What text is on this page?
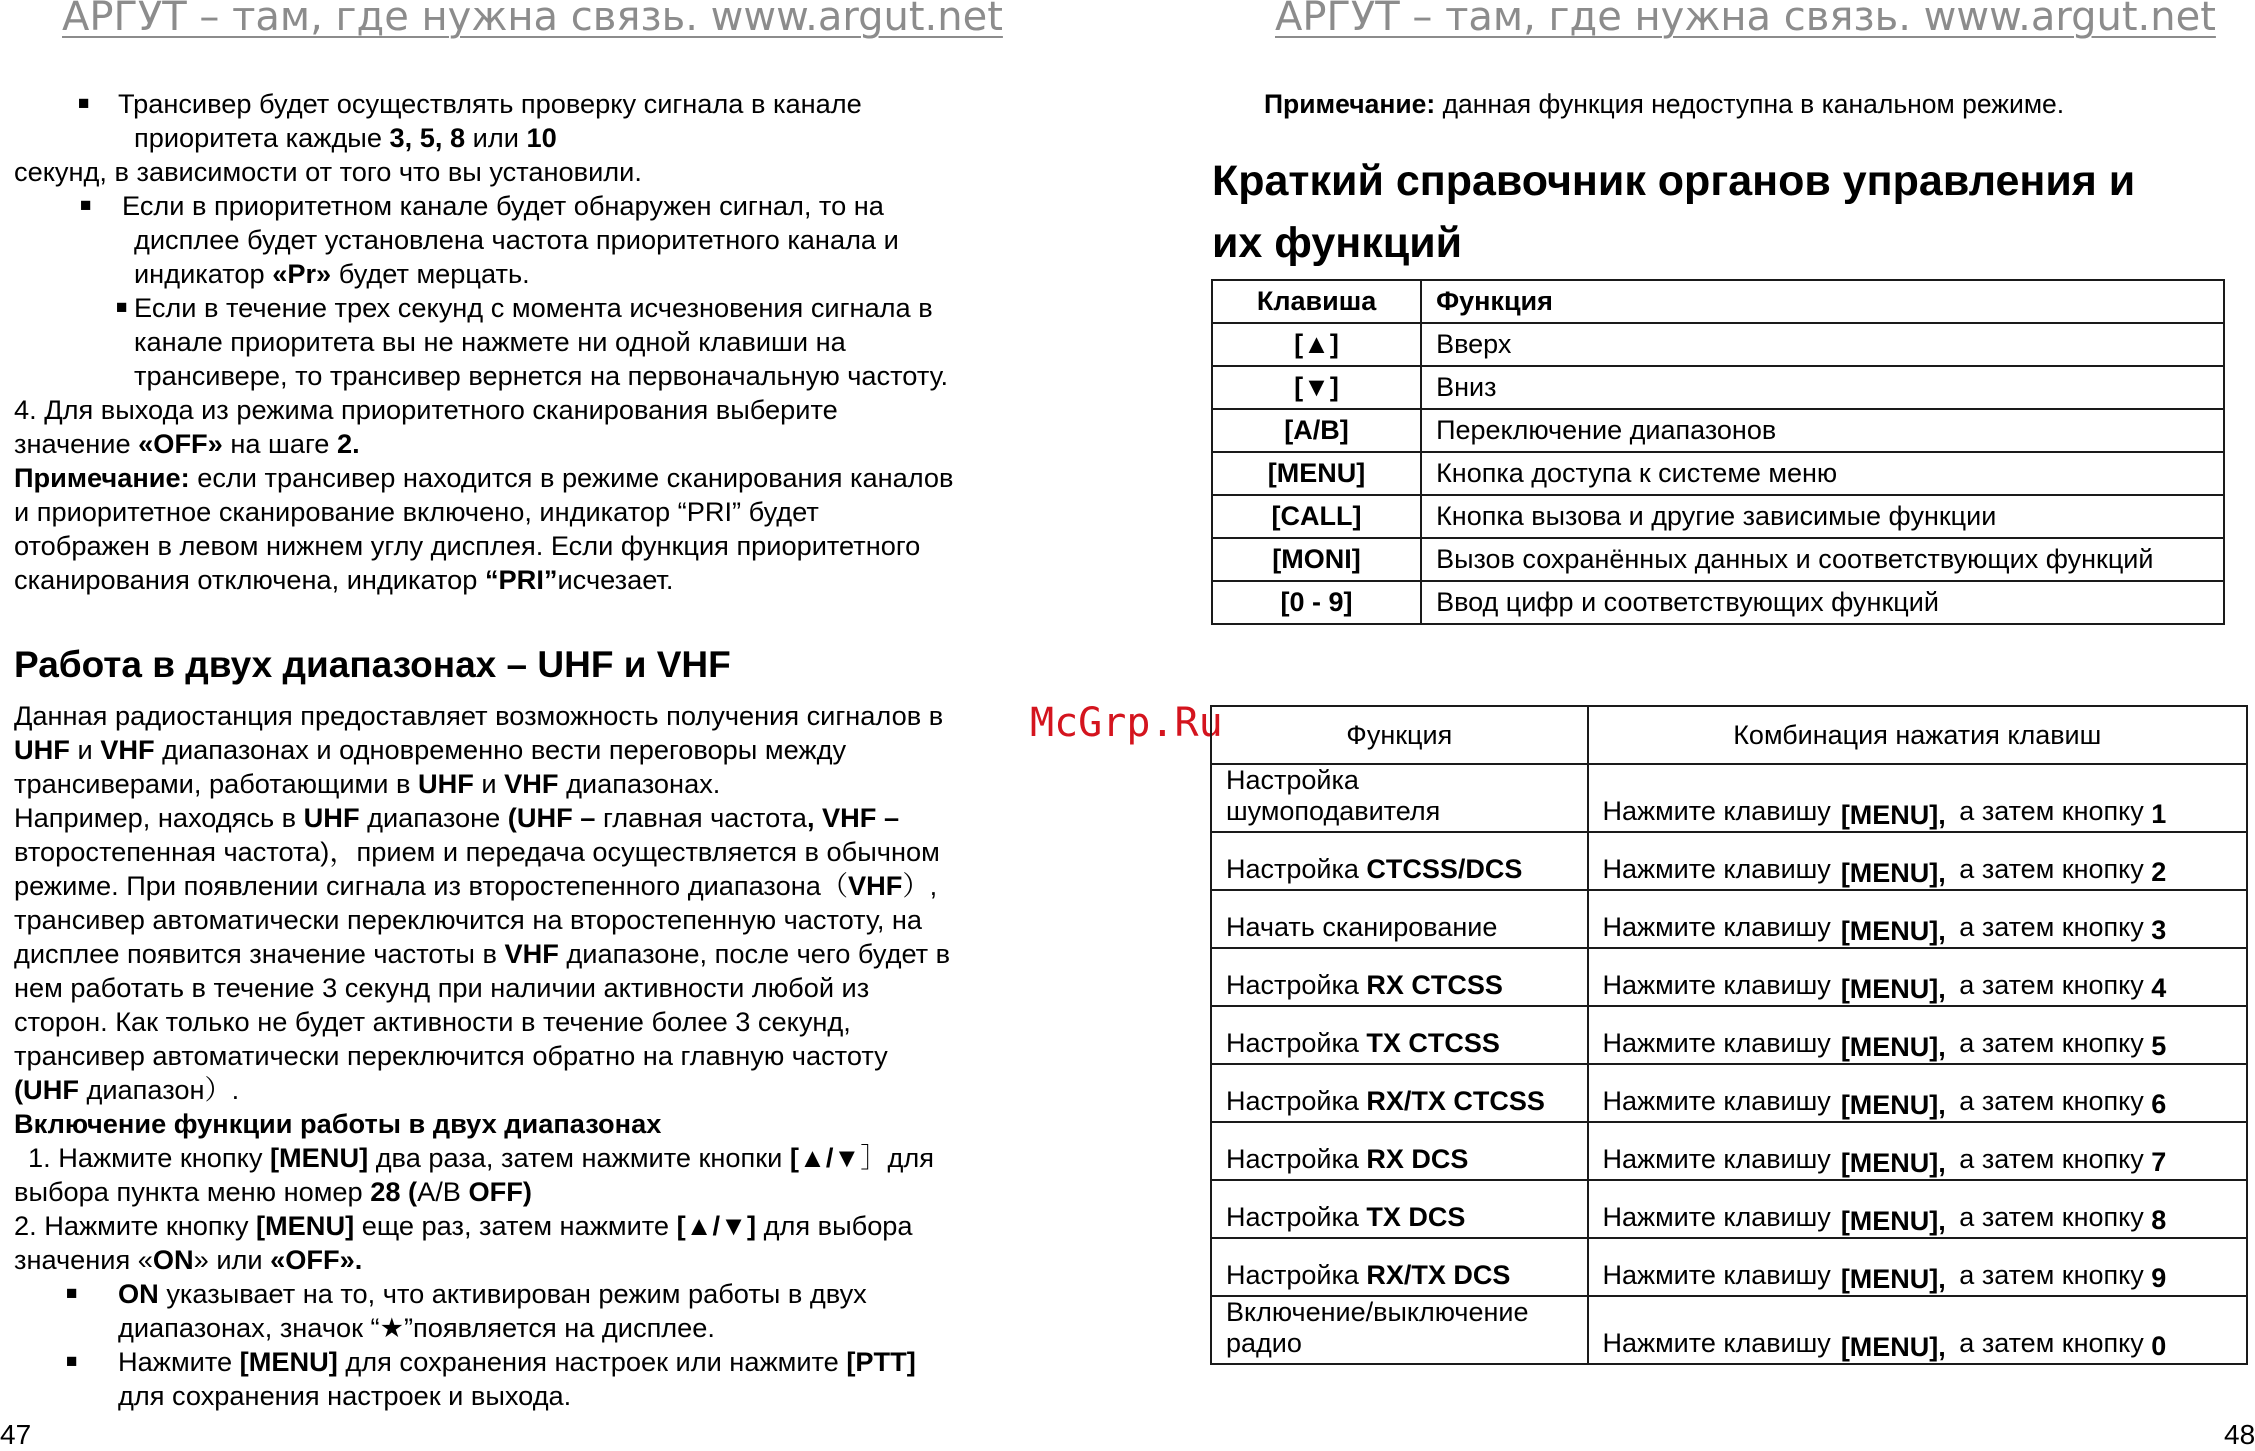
АРГУТ – там, где нужна связь. www.argut.net	АРГУТ – там, где нужна связь. www.argut.net
McGrp.Ru
47	48
■ Трансивер будет осуществлять проверку сигнала в канале
приоритета каждые 3, 5, 8 или 10

секунд, в зависимости от того что вы установили.

■ Если в приоритетном канале будет обнаружен сигнал, то на
дисплее будет установлена частота приоритетного канала и
индикатор «Pr» будет мерцать.
■ Если в течение трех секунд с момента исчезновения сигнала в
канале приоритета вы не нажмете ни одной клавиши на
трансивере, то трансивер вернется на первоначальную частоту.

4. Для выхода из режима приоритетного сканирования выберите

значение «OFF» на шаге 2.

Примечание: если трансивер находится в режиме сканирования каналов

и приоритетное сканирование включено, индикатор “PRI” будет

отображен в левом нижнем углу дисплея. Если функция приоритетного

сканирования отключена, индикатор “PRI”исчезает.

Работа в двух диапазонах – UHF и VHF

Данная радиостанция предоставляет возможность получения сигналов в

UHF и VHF диапазонах и одновременно вести переговоры между

трансиверами, работающими в UHF и VHF диапазонах.

Например, находясь в UHF диапазоне (UHF – главная частота, VHF –

второстепенная частота)，прием и передача осуществляется в обычном

режиме. При появлении сигнала из второстепенного диапазона（VHF）,

трансивер автоматически переключится на второстепенную частоту, на

дисплее появится значение частоты в VHF диапазоне, после чего будет в

нем работать в течение 3 секунд при наличии активности любой из

сторон. Как только не будет активности в течение более 3 секунд,

трансивер автоматически переключится обратно на главную частоту

(UHF диапазон）.

Включение функции работы в двух диапазонах

1. Нажмите кнопку [MENU] два раза, затем нажмите кнопки [▲/▼］для

выбора пункта меню номер 28 (A/B OFF)

2. Нажмите кнопку [MENU] еще раз, затем нажмите [▲/▼] для выбора

значения «ON» или «OFF».

■ ON указывает на то, что активирован режим работы в двух
диапазонах, значок “★”появляется на дисплее.
■ Нажмите [MENU] для сохранения настроек или нажмите [PTT]
для сохранения настроек и выхода.
Примечание: данная функция недоступна в канальном режиме.
Краткий справочник органов управления и
их функций
Клавиша	Функция
[▲]	Вверх
[▼]	Вниз
[A/B]	Переключение диапазонов
[MENU]	Кнопка доступа к системе меню
[CALL]	Кнопка вызова и другие зависимые функции
[MONI]	Вызов сохранённых данных и соответствующих функций
[0 - 9]	Ввод цифр и соответствующих функций
Функция	Комбинация нажатия клавиш
Настройка
шумоподавителя	Нажмите клавишу [MENU], а затем кнопку 1
Настройка CTCSS/DCS	Нажмите клавишу [MENU], а затем кнопку 2
Начать сканирование	Нажмите клавишу [MENU], а затем кнопку 3
Настройка RX CTCSS	Нажмите клавишу [MENU], а затем кнопку 4
Настройка TX CTCSS	Нажмите клавишу [MENU], а затем кнопку 5
Настройка RX/TX CTCSS	Нажмите клавишу [MENU], а затем кнопку 6
Настройка RX DCS	Нажмите клавишу [MENU], а затем кнопку 7
Настройка TX DCS	Нажмите клавишу [MENU], а затем кнопку 8
Настройка RX/TX DCS	Нажмите клавишу [MENU], а затем кнопку 9
Включение/выключение
радио	Нажмите клавишу [MENU], а затем кнопку 0
